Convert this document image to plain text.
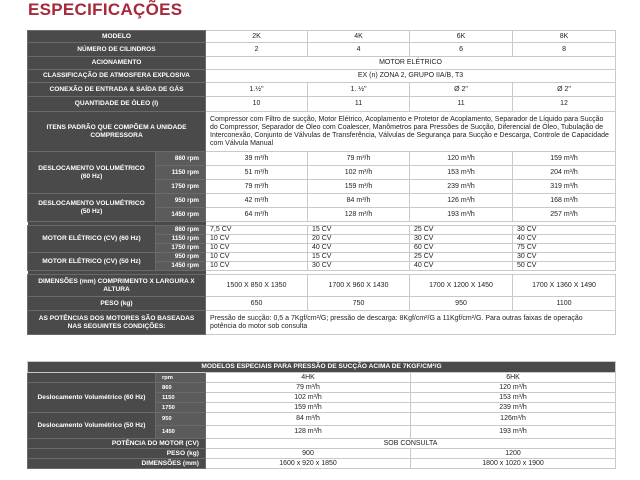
ESPECIFICAÇÕES
MODELO		2K	4K	6K	8K
NÚMERO DE CILINDROS		2	4	6	8
ACIONAMENTO		MOTOR ELÉTRICO			
CLASSIFICAÇÃO DE ATMOSFERA EXPLOSIVA		EX (n) ZONA 2, GRUPO IIA/B, T3			
CONEXÃO DE ENTRADA & SAÍDA DE GÁS		1.½"	1. ½"	Ø 2"	Ø 2"
QUANTIDADE DE ÓLEO (l)		10	11	11	12
ITENS PADRÃO QUE COMPÕEM A UNIDADE COMPRESSORA		Compressor com Filtro de sucção, Motor Elétrico, Acoplamento e Protetor de Acoplamento, Separador de Líquido para Sucção do Compressor, Separador de Óleo com Coalescer, Manômetros para Pressões de Sucção, Diferencial de Óleo, Tubulação de Interconexão, Conjunto de Válvulas de Transferência, Válvulas de Segurança para Sucção e Descarga, Controle de Capacidade com Válvula Manual			
DESLOCAMENTO VOLUMÉTRICO (60 Hz)	860 rpm	39 m³/h	79 m³/h	120 m³/h	159 m³/h
	1150 rpm	51 m³/h	102 m³/h	153 m³/h	204 m³/h
	1750 rpm	79 m³/h	159 m³/h	239 m³/h	319 m³/h
DESLOCAMENTO VOLUMÉTRICO (50 Hz)	950 rpm	42 m³/h	84 m³/h	126 m³/h	168 m³/h
	1450 rpm	64 m³/h	128 m³/h	193 m³/h	257 m³/h

MOTOR ELÉTRICO (CV) (60 Hz)	860 rpm	7,5 CV	15 CV	25 CV	30 CV
	1150 rpm	10 CV	20 CV	30 CV	40 CV
	1750 rpm	10 CV	40 CV	60 CV	75 CV
MOTOR ELÉTRICO (CV) (50 Hz)	950 rpm	10 CV	15 CV	25 CV	30 CV
	1450 rpm	10 CV	30 CV	40 CV	50 CV

DIMENSÕES (mm) COMPRIMENTO X LARGURA X ALTURA		1500 X 850 X 1350	1700 X 960 X 1430	1700 X 1200 X 1450	1700 X 1360 X 1490
PESO (kg)		650	750	950	1100
AS POTÊNCIAS DOS MOTORES SÃO BASEADAS NAS SEGUINTES CONDIÇÕES:		Pressão de sucção: 0,5 a 7Kgf/cm²/G; pressão de descarga: 8Kgf/cm²/G a 11Kgf/cm²/G. Para outras faixas de operação potência do motor sob consulta			
MODELOS ESPECIAIS PARA PRESSÃO DE SUCÇÃO ACIMA DE 7KGF/CM²/G			
	rpm	4HK	6HK
Deslocamento Volumétrico (60 Hz)	860	79 m³/h	120 m³/h
	1150	102 m³/h	153 m³/h
	1750	159 m³/h	239 m³/h
Deslocamento Volumétrico (50 Hz)	950	84 m³/h	126m³/h
	1450	128 m³/h	193 m³/h
POTÊNCIA DO MOTOR (CV)		SOB CONSULTA	
PESO (kg)		900	1200
DIMENSÕES (mm)		1600 x 920 x 1850	1800 x 1020 x 1900
